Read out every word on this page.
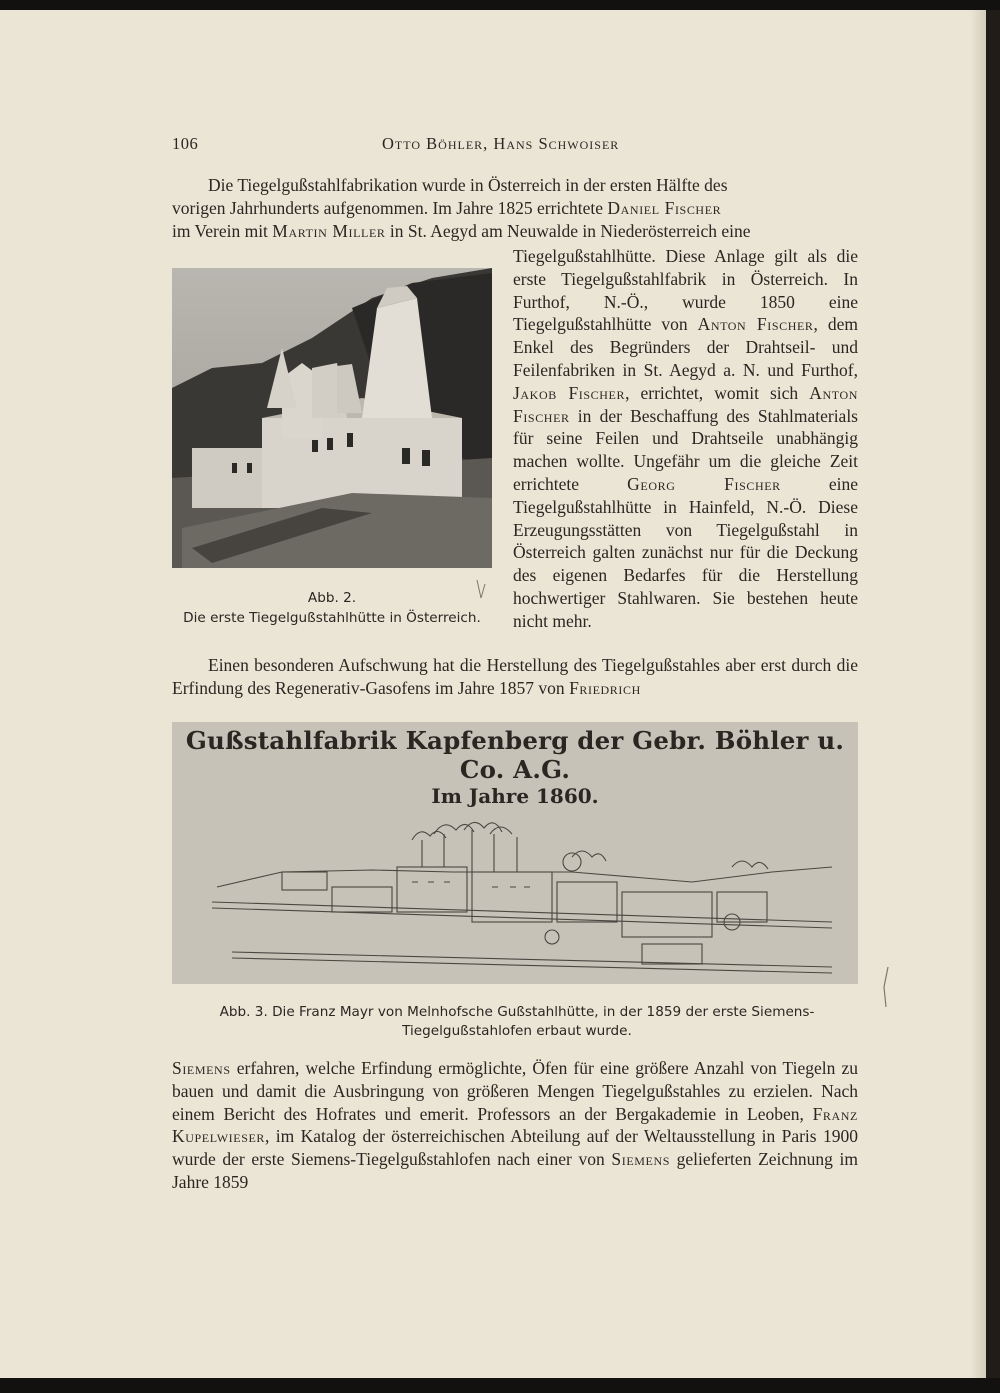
106	Otto Böhler, Hans Schwoiser

Die Tiegelgußstahlfabrikation wurde in Österreich in der ersten Hälfte des

vorigen Jahrhunderts aufgenommen. Im Jahre 1825 errichtete Daniel Fischer

im Verein mit Martin Miller in St. Aegyd am Neuwalde in Niederösterreich eine

Abb. 2.
Die erste Tiegelgußstahlhütte in Österreich.

Tiegelgußstahlhütte. Diese Anlage gilt als die erste Tiegelgußstahlfabrik in Österreich. In Furthof, N.-Ö., wurde 1850 eine Tiegelgußstahlhütte von Anton Fischer, dem Enkel des Begründers der Drahtseil- und Feilenfabriken in St. Aegyd a. N. und Furthof, Jakob Fischer, errichtet, womit sich Anton Fischer in der Beschaffung des Stahlmaterials für seine Feilen und Drahtseile unabhängig machen wollte. Ungefähr um die gleiche Zeit errichtete Georg Fischer eine Tiegelgußstahlhütte in Hainfeld, N.-Ö. Diese Erzeugungsstätten von Tiegelgußstahl in Österreich galten zunächst nur für die Deckung des eigenen Bedarfes für die Herstellung hochwertiger Stahlwaren. Sie bestehen heute nicht mehr.

Einen besonderen Aufschwung hat die Herstellung des Tiegelgußstahles aber erst durch die Erfindung des Regenerativ-Gasofens im Jahre 1857 von Friedrich

Gußstahlfabrik Kapfenberg der Gebr. Böhler u. Co. A.G.
Im Jahre 1860.
Abb. 3. Die Franz Mayr von Melnhofsche Gußstahlhütte, in der 1859 der erste Siemens-Tiegelgußstahlofen erbaut wurde.

Siemens erfahren, welche Erfindung ermöglichte, Öfen für eine größere Anzahl von Tiegeln zu bauen und damit die Ausbringung von größeren Mengen Tiegelgußstahles zu erzielen. Nach einem Bericht des Hofrates und emerit. Professors an der Bergakademie in Leoben, Franz Kupelwieser, im Katalog der österreichischen Abteilung auf der Weltausstellung in Paris 1900 wurde der erste Siemens-Tiegelgußstahlofen nach einer von Siemens gelieferten Zeichnung im Jahre 1859
